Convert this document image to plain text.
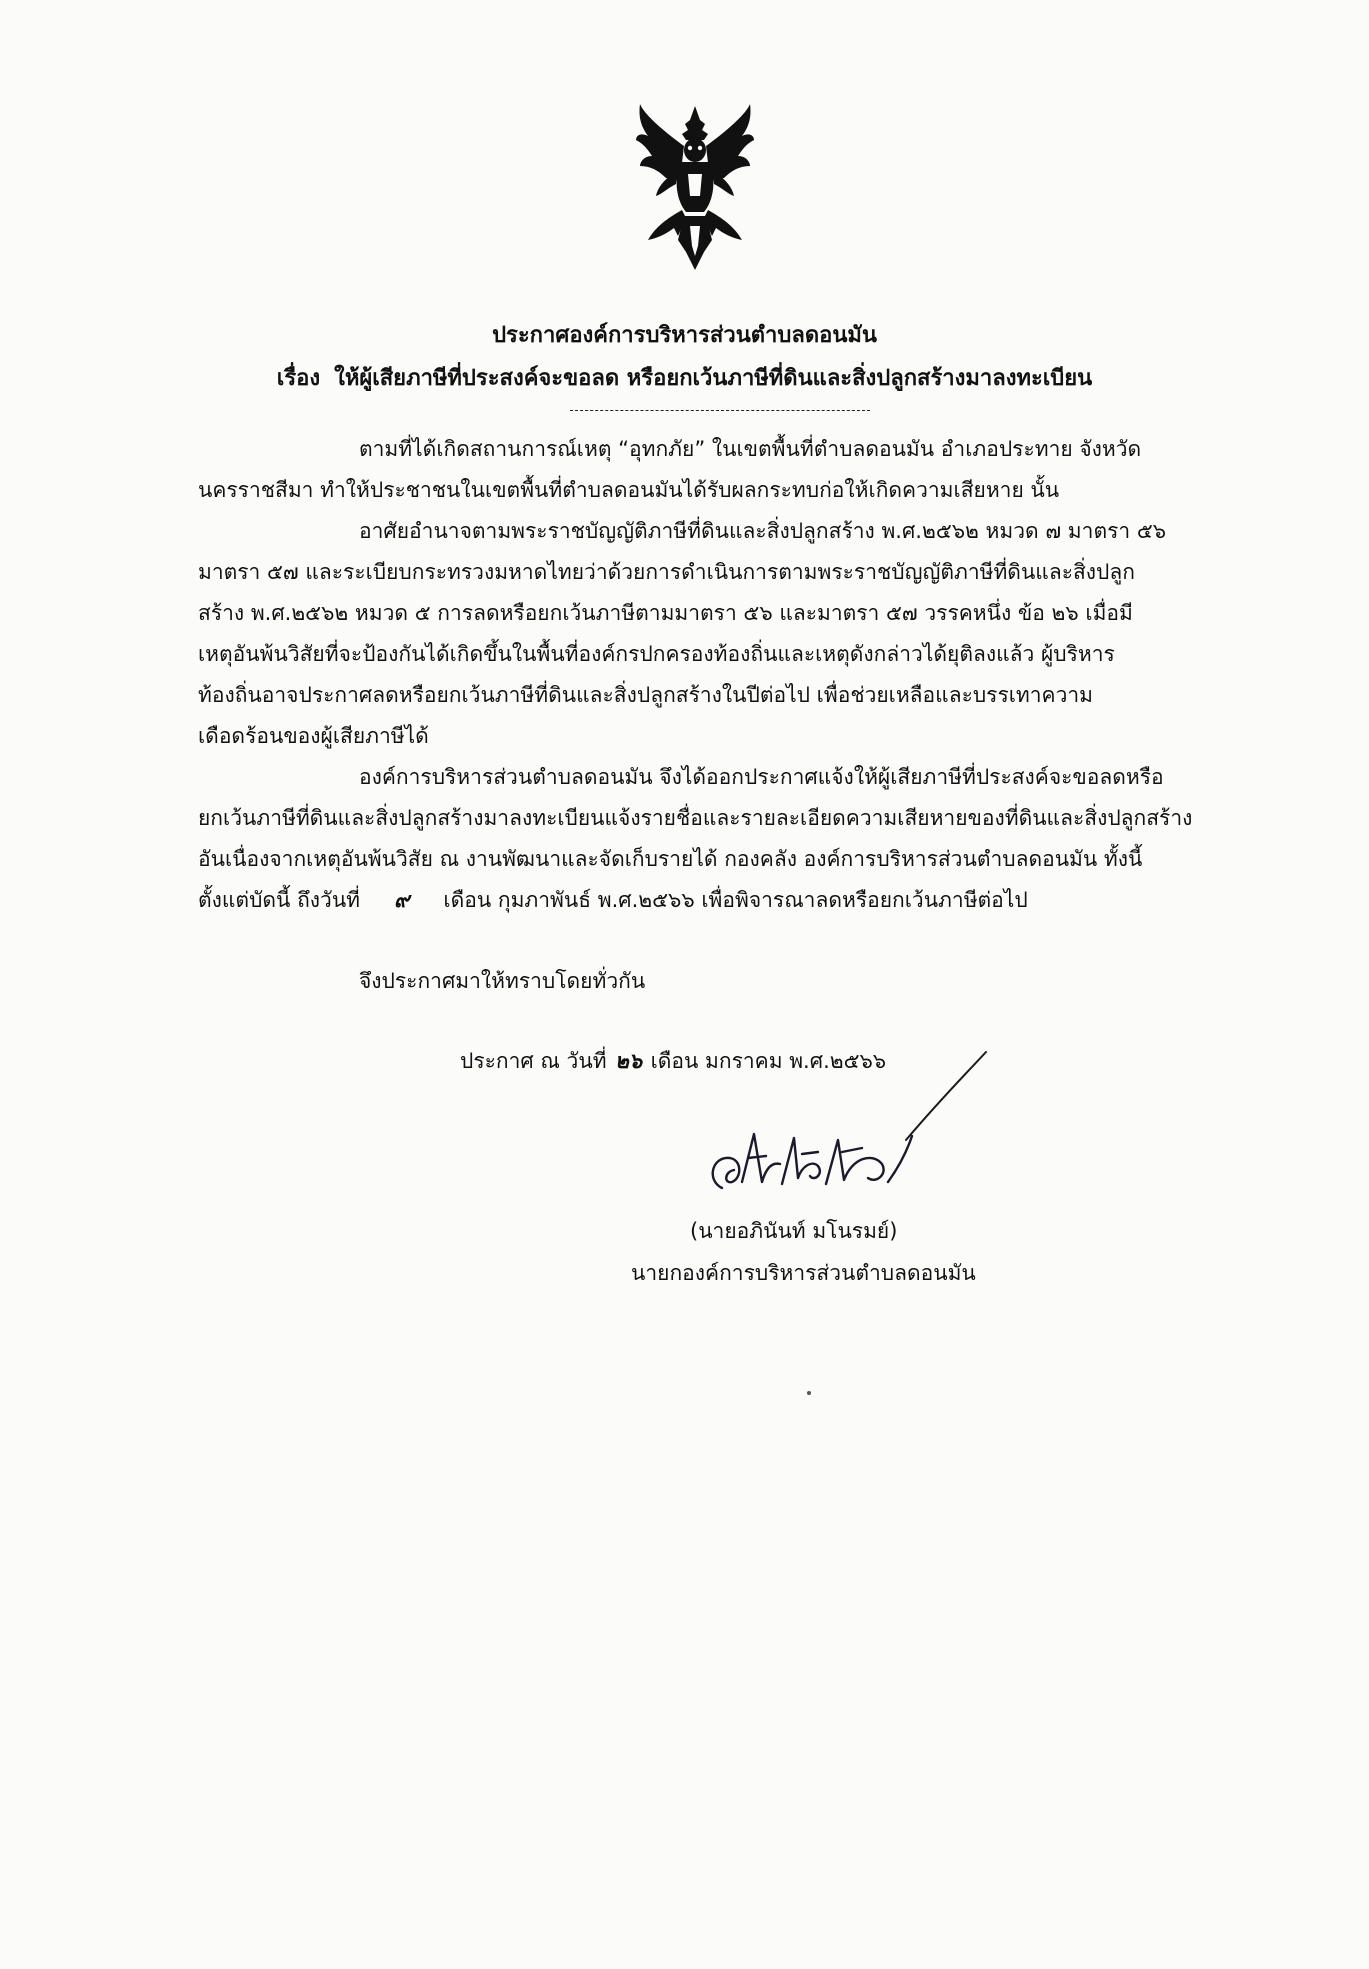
ประกาศองค์การบริหารส่วนตำบลดอนมัน
เรื่อง ให้ผู้เสียภาษีที่ประสงค์จะขอลด หรือยกเว้นภาษีที่ดินและสิ่งปลูกสร้างมาลงทะเบียน
ตามที่ได้เกิดสถานการณ์เหตุ “อุทกภัย” ในเขตพื้นที่ตำบลดอนมัน อำเภอประทาย จังหวัด
นครราชสีมา ทำให้ประชาชนในเขตพื้นที่ตำบลดอนมันได้รับผลกระทบก่อให้เกิดความเสียหาย นั้น
อาศัยอำนาจตามพระราชบัญญัติภาษีที่ดินและสิ่งปลูกสร้าง พ.ศ.๒๕๖๒ หมวด ๗ มาตรา ๕๖
มาตรา ๕๗ และระเบียบกระทรวงมหาดไทยว่าด้วยการดำเนินการตามพระราชบัญญัติภาษีที่ดินและสิ่งปลูก
สร้าง พ.ศ.๒๕๖๒ หมวด ๕ การลดหรือยกเว้นภาษีตามมาตรา ๕๖ และมาตรา ๕๗ วรรคหนึ่ง ข้อ ๒๖ เมื่อมี
เหตุอันพ้นวิสัยที่จะป้องกันได้เกิดขึ้นในพื้นที่องค์กรปกครองท้องถิ่นและเหตุดังกล่าวได้ยุติลงแล้ว ผู้บริหาร
ท้องถิ่นอาจประกาศลดหรือยกเว้นภาษีที่ดินและสิ่งปลูกสร้างในปีต่อไป เพื่อช่วยเหลือและบรรเทาความ
เดือดร้อนของผู้เสียภาษีได้
องค์การบริหารส่วนตำบลดอนมัน จึงได้ออกประกาศแจ้งให้ผู้เสียภาษีที่ประสงค์จะขอลดหรือ
ยกเว้นภาษีที่ดินและสิ่งปลูกสร้างมาลงทะเบียนแจ้งรายชื่อและรายละเอียดความเสียหายของที่ดินและสิ่งปลูกสร้าง
อันเนื่องจากเหตุอันพ้นวิสัย ณ งานพัฒนาและจัดเก็บรายได้ กองคลัง องค์การบริหารส่วนตำบลดอนมัน ทั้งนี้
ตั้งแต่บัดนี้ ถึงวันที่ ๙ เดือน กุมภาพันธ์ พ.ศ.๒๕๖๖ เพื่อพิจารณาลดหรือยกเว้นภาษีต่อไป
จึงประกาศมาให้ทราบโดยทั่วกัน
ประกาศ ณ วันที่ ๒๖ เดือน มกราคม พ.ศ.๒๕๖๖
(นายอภินันท์ มโนรมย์)
นายกองค์การบริหารส่วนตำบลดอนมัน
